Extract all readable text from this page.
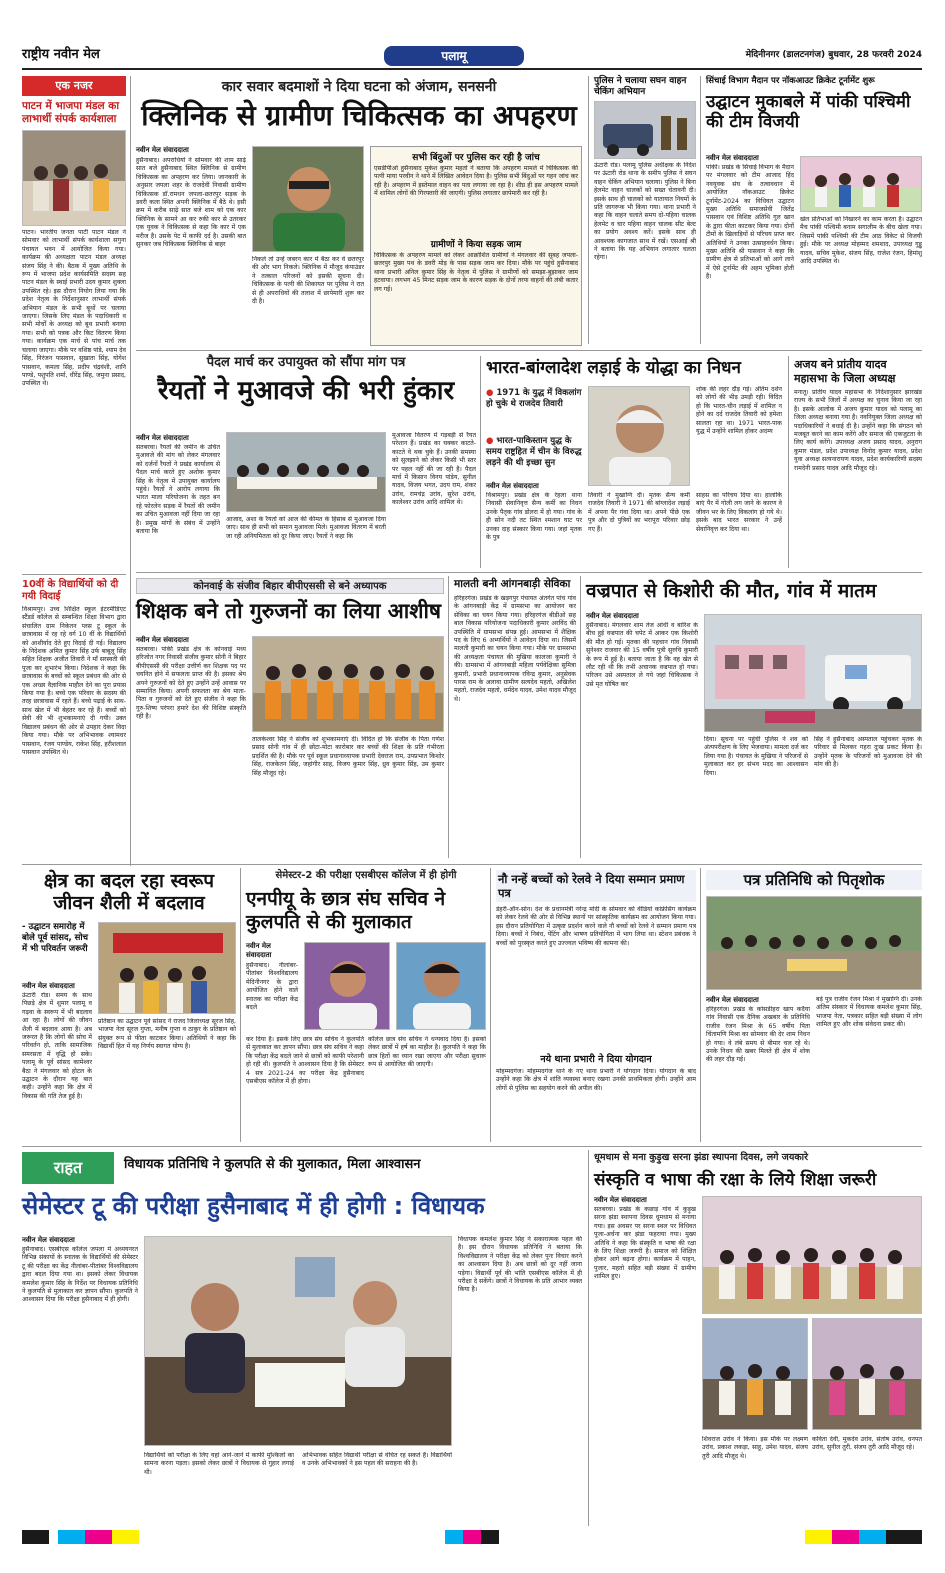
राष्ट्रीय नवीन मेल	पलामू	मेदिनीनगर (डालटनगंज) बुधवार, 28 फरवरी 2024
एक नजर
पाटन में भाजपा मंडल का लाभार्थी संपर्क कार्यशाला
पाटन। भारतीय जनता पार्टी पाटन मंडल ने सोमवार को लाभार्थी संपर्क कार्यशाला सगुना पंचायत भवन में आयोजित किया गया। कार्यक्रम की अध्यक्षता पाटन मंडल अध्यक्ष संजय सिंह ने की। बैठक में मुख्य अतिथि के रूप में भाजपा प्रदेश कार्यसमिति सदस्य सह पाटन मंडल के स्थाई प्रभारी उदय कुमार शुक्ला उपस्थित रहे। इस दौरान नियोग लिया गया कि प्रदेश नेतृत्व के निर्देशानुसार लाभार्थी संपर्क अभियान मंडल के सभी बूथों पर चलाया जाएगा। जिसके लिए मंडल के पदाधिकारी व सभी मोर्चों के अध्यक्ष को बूथ प्रभारी बनाया गया। सभी को पत्रक और किट वितरण किया गया। कार्यक्रम एक मार्च से पांच मार्च तक चलाया जाएगा। मौके पर वशिष्ठ पांडे, श्याम देव सिंह, निरंजन पासवान, सुखाता सिंह, योगेश पासवान, कमला सिंह, प्रदीप चंद्रवंशी, शानि पाण्डे, पशुपति शर्मा, धीरेंद्र सिंह, जमुना प्रसाद, उपस्थित थे।
10वीं के विद्यार्थियों को दी गयी विदाई
विश्रामपुर। उच्च शिक्षित स्कूल इंटरमीडिएट स्टैंडर्ड कॉलेज से सम्बन्धित शिक्षा विभाग द्वारा संचालित ग्राम निकेतन प्लस टू स्कूल के छात्रावास में रह रहे वर्ग 10 वीं के विद्यार्थियों को आशीर्वाद देते हुए विदाई दी गई। विद्यालय के निदेशक अमित कुमार सिंह उर्फ बाबूलू सिंह सहित शिक्षक अजीत तिवारी ने माँ सरस्वती की पूजा कर शुभारंभ किया। निदेशक ने कहा कि छात्रावास के बच्चों को स्कूल प्रबंधन की ओर से एक अच्छा वैज्ञानिक माहौल देने का पूरा प्रयास किया गया है। बच्चे एक परिवार के सदस्य की तरह छात्रावास में रहते हैं। बच्चे पढ़ाई के साथ-साथ खेल में भी बेहतर कर रहे हैं। बच्चों को सेवी की भी शुभकामनाएं दी गयी। उक्त विद्यालय प्रबंधन की ओर से उपहार देकर विदा किया गया। मौके पर अभिभावक श्यामधर पासवान, रंजय पाण्डेय, राकेश सिंह, हरीशलाल पासवान उपस्थित थे।
कार सवार बदमाशों ने दिया घटना को अंजाम, सनसनी
क्लिनिक से ग्रामीण चिकित्सक का अपहरण
नवीन मेल संवाददाता
हुसैनाबाद। अपराधियों ने सोमवार की शाम साढ़े सात बजे हुसैनाबाद स्थित क्लिनिक से ग्रामीण चिकित्सक का अपहरण कर लिया। जानकारी के अनुसार जपला शहर के राजदेवी निवासी ग्रामीण चिकित्सक डॉ.रामधन जपला-छतरपुर सड़क के डवरी कला स्थित अपनी क्लिनिक में बैठे थे। इसी क्रम में करीब साढ़े सात बजे शाम को एक कार क्लिनिक के सामने आ कर रुकी कार से उतरकर एक युवक ने चिकित्सक से कहा कि कार में एक मरीज है। उसके पेट में काफी दर्द है। उसकी बात सुनकर जब चिकित्सक क्लिनिक से बाहर
निकले तो उन्हें जबरन कार में बैठा कर वे छतरपुर की ओर भाग निकले। क्लिनिक में मौजूद कंपाउंडर ने तत्काल परिजनों को इसकी सूचना दी। चिकित्सक के पत्नी की शिकायत पर पुलिस ने रात से ही अपराधियों की तलाश में छापेमारी शुरू कर दी है।
सभी बिंदुओं पर पुलिस कर रही है जांच
एसडीपीओ हुसैनाबाद मुकेश कुमार महतो ने बताया कि अपहरण मामले में चिकित्सक की पत्नी माया परवीन ने थाने में लिखित आवेदन दिया है। पुलिस सभी बिंदुओं पर गहन जांच कर रही है। अपहरण में इस्तेमाल वाहन का पता लगाया जा रहा है। शीघ्र ही इस अपहरण मामले में शामिल लोगों की गिरफ्तारी की जाएगी। पुलिस लगातार छापेमारी कर रही है।
ग्रामीणों ने किया सड़क जाम
चिकित्सक के अपहरण मामले को लेकर आक्रोशित ग्रामीणों ने मंगलवार की सुबह जपला-छतरपुर मुख्य पथ के डवरी मोड़ के पास सड़क जाम कर दिया। मौके पर पहुंचे हुसैनाबाद थाना प्रभारी अनिल कुमार सिंह के नेतृत्व में पुलिस ने ग्रामीणों को समझा-बुझाकर जाम हटवाया। लगभग 45 मिनट सड़क जाम के कारण सड़क के दोनों तरफ वाहनों की लंबी कतार लग गई।
पुलिस ने चलाया सघन वाहन चेकिंग अभियान
ऊंटारी रोड। पलामू पुलिस अधीक्षक के निर्देश पर ऊंटारी रोड थाना के समीप पुलिस ने सघन वाहन चेकिंग अभियान चलाया। पुलिस ने बिना हेलमेट वाहन चालकों को सख्त चेतावनी दी। इसके साथ ही चालकों को यातायात नियमों के प्रति जागरूक भी किया गया। थाना प्रभारी ने कहा कि वाहन चलाते समय दो-पहिया चालक हेलमेट व चार पहिया वाहन चालक सीट बेल्ट का प्रयोग अवश्य करें। इसके साथ ही आवश्यक कागजात साथ में रखें। एसआई श्री ने बताया कि यह अभियान लगातार चलता रहेगा।
सिंचाई विभाग मैदान पर नॉकआउट क्रिकेट टूर्नामेंट शुरू
उद्घाटन मुकाबले में पांकी पश्चिमी की टीम विजयी
नवीन मेल संवाददाता
पांकी। प्रखंड के सिंचाई विभाग के मैदान पर मंगलवार को टीम आजाद हिंद नवयुवक संघ के तत्वावधान में आयोजित नॉकआउट क्रिकेट टूर्नामेंट-2024 का विधिवत उद्घाटन मुख्य अतिथि समाजसेवी जितेंद्र पासवान एवं विशिष्ट अतिथि गुल खान के द्वारा फीता काटकर किया गया। दोनों टीमों के खिलाड़ियों से परिचय प्राप्त कर अतिथियों ने उनका उत्साहवर्धन किया। मुख्य अतिथि श्री पासवान ने कहा कि ग्रामीण क्षेत्र से प्रतिभाओं को आगे लाने में ऐसे टूर्नामेंट की अहम भूमिका होती है।
खेल प्रतिभाओं को निखारने का काम करता है। उद्घाटन मैच पांकी पश्चिमी बनाम सगालीम के बीच खेला गया। जिसमें पांकी पश्चिमी की टीम आठ विकेट से विजयी हुई। मौके पर अध्यक्ष मोहम्मद शमशाद, उपाध्यक्ष गुड्डू यादव, सचिव मुकेश, संजय सिंह, राजेश रंजन, हिमांशु आदि उपस्थित थे।
पैदल मार्च कर उपायुक्त को सौंपा मांग पत्र
रैयतों ने मुआवजे की भरी हुंकार
नवीन मेल संवाददाता
सतबरवा। रैयतों की जमीन के उचित मुआवजे की मांग को लेकर मंगलवार को दर्जनों रैयतों ने प्रखंड कार्यालय से पैदल मार्च करते हुए अशोक कुमार सिंह के नेतृत्व में उपायुक्त कार्यालय पहुंचे। रैयतों ने आरोप लगाया कि भारत माला परियोजना के तहत बन रहे फोरलेन सड़क में रैयतों की जमीन का उचित मुआवजा नहीं दिया जा रहा है। प्रमुख मांगों के संबंध में उन्होंने बताया कि
आजाद, अशा के रैयतों को आज की कीमत के हिसाब से मुआवजा दिया जाए। साथ ही सभी को समान मुआवजा मिले। मुआवजा वितरण में बरती जा रही अनियमितता को दूर किया जाए। रैयतों ने कहा कि
मुआवजा वितरण में गड़बड़ी से रैयत परेशान हैं। प्रखंड का चक्कर काटते-काटते वे थक चुके हैं। उनकी समस्या को सुलझाने को लेकर किसी भी स्तर पर पहल नहीं की जा रही है। पैदल मार्च में किसान विनय पांडेय, सुनील यादव, विजय भगत, उदय राम, शंकर उरांव, रामचंद्र उरांव, सुरेश उरांव, कालेश्वर उरांव आदि शामिल थे।
भारत-बांग्लादेश लड़ाई के योद्धा का निधन
● 1971 के युद्ध में विकलांग हो चुके थे राजदेव तिवारी
● भारत-पाकिस्तान युद्ध के समय राष्ट्रहित में चीन के विरुद्ध लड़ने की थी इच्छा सुन
शोक की लहर दौड़ गई। अंतिम दर्शन को लोगों की भीड़ उमड़ी रही। विदित हो कि भारत-चीन लड़ाई में शामिल न होने का दर्द राजदेव तिवारी को हमेशा सालता रहा था। 1971 भारत-पाक युद्ध में उन्होंने शामिल होकर अदम्य
नवीन मेल संवाददाता
विश्रामपुर। प्रखंड क्षेत्र के रेहला थाना निवासी सेवानिवृत्त सैन्य कर्मी का निधन उनके पैतृक गांव डोलरा में हो गया। गांव के ही सोन नदी तट स्थित श्मशान घाट पर उनका दाह संस्कार किया गया। जहां मृतक के पुत्र
तिवारी ने मुखाग्नि दी। मृतक सैन्य कर्मी राजदेव तिवारी ने 1971 की बांग्लादेश लड़ाई में अपना पैर गंवा दिया था। अपने पीछे एक पुत्र और दो पुत्रियों का भरापूरा परिवार छोड़ गए हैं।
साहस का परिचय दिया था। हालांकि बाएं पैर में गोली लग जाने के कारण वे जीवन भर के लिए विकलांग हो गये थे। इसके बाद भारत सरकार ने उन्हें सेवानिवृत्त कर दिया था।
अजय बने प्रांतीय यादव महासभा के जिला अध्यक्ष
मनातू। प्रांतीय यादव महासभा के निर्देशानुसार झारखंड राज्य के सभी जिलों में अध्यक्ष का चुनाव किया जा रहा है। इसके आलोक में अजय कुमार यादव को पलामू का जिला अध्यक्ष बनाया गया है। नवनियुक्त जिला अध्यक्ष को पदाधिकारियों ने बधाई दी है। उन्होंने कहा कि संगठन को मजबूत करने का काम करेंगे और समाज की एकजुटता के लिए कार्य करेंगे। उपाध्यक्ष अजय प्रसाद यादव, अनुराग कुमार मंडल, प्रदेश उपाध्यक्ष विनोद कुमार यादव, प्रदेश युवा अध्यक्ष सत्यनारायण यादव, प्रदेश कार्यकारिणी सदस्य रामदेनी प्रसाद यादव आदि मौजूद रहे।
कोनवाई के संजीव बिहार बीपीएससी से बने अध्यापक
शिक्षक बने तो गुरुजनों का लिया आशीष
नवीन मेल संवाददाता
सतबरवा। पांकी प्रखंड क्षेत्र के कोनवाई मध्य हरिजोत नगर निवासी संजीव कुमार सोनी ने बिहार बीपीएससी की परीक्षा उत्तीर्ण कर शिक्षक पद पर चयनित होने में सफलता प्राप्त की है। इसका श्रेय अपने गुरुजनों को देते हुए उन्होंने उन्हें आवास पर सम्मानित किया। अपनी सफलता का श्रेय माता-पिता व गुरुजनों को देते हुए संजीव ने कहा कि गुरु-शिष्य परंपरा हमारे देश की विशिष्ट संस्कृति रही है।
तालकेश्वर सिंह ने संजीव को शुभकामनाएं दी। विदित हो कि संजीव के पिता गणेश प्रसाद सोनी गांव में ही छोटा-मोटा कारोबार कर बच्चों की शिक्षा के प्रति गंभीरता प्रदर्शित की है। मौके पर पूर्व स्कूल प्रधानाध्यापक प्रभारी देवराज राम, उपप्रभात किशोर सिंह, राजकेतन सिंह, जहांगीर साह, विजय कुमार सिंह, ध्रुव कुमार सिंह, उम कुमार सिंह मौजूद रहे।
मालती बनी आंगनबाड़ी सेविका
हरिहरगंज। प्रखंड के खड़गपुर पंचायत अंतर्गत पांच गांव के आंगनबाड़ी केंद्र में ग्रामसभा का आयोजन कर सेविका का चयन किया गया। हरिहरगंज बीडीओ सह बाल विकास परियोजना पदाधिकारी कुमार अरविंद की उपस्थिति में ग्रामसभा संपन्न हुई। आमसभा में शैक्षिक पद के लिए 6 अभ्यर्थियों ने आवेदन दिया था। जिसमें मालती कुमारी का चयन किया गया। मौके पर ग्रामसभा की अध्यक्षता पंचायत की मुखिया कालजा कुमारी ने की। ग्रामसभा में आंगनबाड़ी महिला पर्यवेक्षिका सुमित्रा कुमारी, प्रभारी प्रधानाध्यापक रविन्द्र कुमार, अनुसेवक पारस राम के अलावा ग्रामीण सत्यदेव महतो, अखिलेश महतो, राजदेव महतो, धर्मदेव यादव, उमेश यादव मौजूद थे।
वज्रपात से किशोरी की मौत, गांव में मातम
नवीन मेल संवाददाता
हुसैनाबाद। मंगलवार शाम तेज आंधी व बारिश के बीच हुई वज्रपात की चपेट में आकर एक किशोरी की मौत हो गई। मृतका की पहचान गांव निवासी सुनेश्वर राजवार की 15 वर्षीय पुत्री सुरुचि कुमारी के रूप में हुई है। बताया जाता है कि वह खेत से लौट रही थी कि तभी अचानक वज्रपात हो गया। परिजन उसे अस्पताल ले गये जहां चिकित्सक ने उसे मृत घोषित कर
दिया। सूचना पर पहुंची पुलिस ने शव को अंत्यपरीक्षण के लिए भेजवाया। मामला दर्ज कर लिया गया है। पंचायत के मुखिया ने परिजनों से मुलाकात कर हर संभव मदद का आश्वासन दिया।
सिंह ने हुसैनाबाद अस्पताल पहुंचकर मृतक के परिवार से मिलकर गहरा दुःख प्रकट किया है। उन्होंने मृतक के परिजनों को मुआवजा देने की मांग की है।
क्षेत्र का बदल रहा स्वरूप जीवन शैली में बदलाव
- उद्घाटन समारोह में बोले पूर्व सांसद, सोच में भी परिवर्तन जरूरी
नवीन मेल संवाददाता
ऊंटारी रोड। समय के साथ पिछड़े क्षेत्र में शुमार पलामू व गढ़वा के स्वरूप में भी बदलाव आ रहा है। लोगों की जीवन शैली में बदलाव आया है। अब जरूरत है कि लोगों की सोच में परिवर्तन हो, ताकि सामाजिक समरसता में वृद्धि हो सके। पलामू के पूर्व सांसद कामेश्वर बैठा ने मंगलवार को होटल के उद्घाटन के दौरान यह बात कही। उन्होंने कहा कि क्षेत्र में विकास की गति तेज हुई है।
सेमेस्टर-2 की परीक्षा एसबीएस कॉलेज में ही होगी
एनपीयू के छात्र संघ सचिव ने कुलपति से की मुलाकात
नवीन मेल संवाददाता
हुसैनाबाद। नीलांबर-पीतांबर विश्वविद्यालय मेदिनीनगर के द्वारा आयोजित होने वाले स्नातक का परीक्षा केंद्र बदले
कर दिया है। इसके लिए छात्र संघ सचिव ने कुलपति से मुलाकात कर ज्ञापन सौंपा। छात्र संघ सचिव ने कहा कि परीक्षा केंद्र बदले जाने से छात्रों को काफी परेशानी हो रही थी। कुलपति ने आश्वासन दिया है कि सेमेस्टर 4 सत्र 2021-24 का परीक्षा केंद्र हुसैनाबाद एसबीएस कॉलेज में ही होगा।
कॉलेज छात्र संघ सचिव ने धन्यवाद दिया है। इसको लेकर छात्रों में हर्ष का माहौल है। कुलपति ने कहा कि छात्र हितों का ध्यान रखा जाएगा और परीक्षा सुचारू रूप से आयोजित की जाएगी।
प्रतिष्ठान का उद्घाटन पूर्व सांसद ने राजद जिलाध्यक्ष सूरज सिंह, भाजपा नेता सूरज गुप्ता, मनीष गुप्ता व ठाकुर के प्रतिष्ठान को संयुक्त रूप से फीता काटकर किया। अतिथियों ने कहा कि विद्यार्थी हित में यह निर्णय स्वागत योग्य है।
नौ नन्हें बच्चों को रेलवे ने दिया सम्मान प्रमाण पत्र
डेहरी-ऑन-सोन। देश के प्रधानमंत्री नरेन्द्र मोदी के सोमवार को वीडियो कांफ्रेंसिंग कार्यक्रम को लेकर रेलवे की ओर से विभिन्न स्थानों पर सांस्कृतिक कार्यक्रम का आयोजन किया गया। इस दौरान प्रतियोगिता में उत्कृष्ट प्रदर्शन करने वाले नौ बच्चों को रेलवे ने सम्मान प्रमाण पत्र दिया। बच्चों ने निबंध, पेंटिंग और भाषण प्रतियोगिता में भाग लिया था। स्टेशन प्रबंधक ने बच्चों को पुरस्कृत करते हुए उज्ज्वल भविष्य की कामना की।
नये थाना प्रभारी ने दिया योगदान
मोहम्मदगंज। मोहम्मदगंज थाने के नए थाना प्रभारी ने योगदान दिया। योगदान के बाद उन्होंने कहा कि क्षेत्र में शांति व्यवस्था बनाए रखना उनकी प्राथमिकता होगी। उन्होंने आम लोगों से पुलिस का सहयोग करने की अपील की।
पत्र प्रतिनिधि को पितृशोक
नवीन मेल संवाददाता
हरिहरगंज। प्रखंड के कोसडीहरा खाप कदैया गांव निवासी एक दैनिक अखबार के प्रतिनिधि राजीव रंजन मिश्रा के 65 वर्षीय पिता चिंतामणि मिश्रा का सोमवार की देर शाम निधन हो गया। वे लंबे समय से बीमार चल रहे थे। उनके निधन की खबर मिलते ही क्षेत्र में शोक की लहर दौड़ गई।
बड़े पुत्र राजीव रंजन मिश्रा ने मुखाग्नि दी। उनके अंतिम संस्कार में विधायक कमलेश कुमार सिंह, भाजपा नेता, पत्रकार सहित बड़ी संख्या में लोग शामिल हुए और शोक संवेदना प्रकट की।
राहत	विधायक प्रतिनिधि ने कुलपति से की मुलाकात, मिला आश्वासन
सेमेस्टर टू की परीक्षा हुसैनाबाद में ही होगी : विधायक
नवीन मेल संवाददाता
हुसैनाबाद। एसबीएस कॉलेज जपला में अध्ययनरत विभिन्न संकायों के स्नातक के विद्यार्थियों की सेमेस्टर टू की परीक्षा का केंद्र नीलांबर-पीतांबर विश्वविद्यालय द्वारा बदल दिया गया था। इसको लेकर विधायक कमलेश कुमार सिंह के निर्देश पर विधायक प्रतिनिधि ने कुलपति से मुलाकात कर ज्ञापन सौंपा। कुलपति ने आश्वासन दिया कि परीक्षा हुसैनाबाद में ही होगी।
विद्यार्थियों को परीक्षा के लिए यहां आने-जाने में काफी मुश्किलों का सामना करना पड़ता। इसको लेकर छात्रों ने विधायक से गुहार लगाई थी।
अभिभावक सहित विद्यार्थी परीक्षा से वंचित रह सकते हैं। विद्यार्थियों व उनके अभिभावकों ने इस पहल की सराहना की है।
विधायक कमलेश कुमार सिंह ने सकारात्मक पहल की है। इस दौरान विधायक प्रतिनिधि ने बताया कि विश्वविद्यालय ने परीक्षा केंद्र को लेकर पुनः विचार करने का आश्वासन दिया है। अब छात्रों को दूर नहीं जाना पड़ेगा। विद्यार्थी पूर्व की भांति एसबीएस कॉलेज में ही परीक्षा दे सकेंगे। छात्रों ने विधायक के प्रति आभार व्यक्त किया है।
धूमधाम से मना कुड़ुख सरना झंडा स्थापना दिवस, लगे जयकारे
संस्कृति व भाषा की रक्षा के लिये शिक्षा जरूरी
नवीन मेल संवाददाता
सतबरवा। प्रखंड के कछाड़ गांव में कुड़ुख सरना झंडा स्थापना दिवस धूमधाम से मनाया गया। इस अवसर पर सरना स्थल पर विधिवत पूजा-अर्चना कर झंडा फहराया गया। मुख्य अतिथि ने कहा कि संस्कृति व भाषा की रक्षा के लिए शिक्षा जरूरी है। समाज को शिक्षित होकर आगे बढ़ना होगा। कार्यक्रम में पाहन, पुजार, महतो सहित बड़ी संख्या में ग्रामीण शामिल हुए।
शिवराज उरांव ने किया। इस मौके पर लक्ष्मण उरांव, प्रकाश लकड़ा, साहू, उमेश यादव, संजय तुरी आदि मौजूद थे।
कविता देवी, मुकदेव उरांव, संतोष उरांव, धनपत उरांव, सुनील तुरी, संजय तुरी आदि मौजूद रहे।
